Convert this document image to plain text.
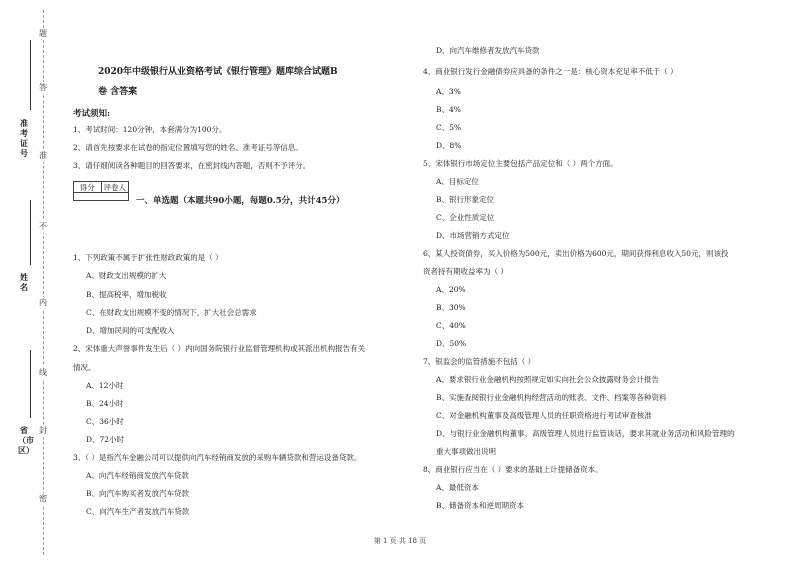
题
答
准
不
内
线
封
密
准考证号
姓名
省（市区）
2020年中级银行从业资格考试《银行管理》题库综合试题B
卷 含答案
考试须知:
1、考试时间：120分钟，本套满分为100分。
2、请首先按要求在试卷的指定位置填写您的姓名、准考证号等信息。
3、请仔细阅读各种题目的回答要求，在密封线内答题，否则不予评分。
得分	评卷人
一、单选题（本题共90小题，每题0.5分，共计45分）
1、下列政策不属于扩张性财政政策的是（ ）
A、财政支出规模的扩大
B、提高税率，增加税收
C、在财政支出规模不变的情况下，扩大社会总需求
D、增加民间的可支配收入
2、宋体重大声誉事件发生后（ ）内向国务院银行业监督管理机构或其派出机构报告有关
情况。
A、12小时
B、24小时
C、36小时
D、72小时
3、（ ）是指汽车金融公司可以提供向汽车经销商发放的采购车辆贷款和营运设备贷款。
A、向汽车经销商发放汽车贷款
B、向汽车购买者发放汽车贷款
C、向汽车生产者发放汽车贷款
D、向汽车维修者发放汽车贷款
4、商业银行发行金融债券应具备的条件之一是：核心资本充足率不低于（ ）
A、3%
B、4%
C、5%
D、8%
5、宋体银行市场定位主要包括产品定位和（ ）两个方面。
A、目标定位
B、银行形象定位
C、企业性质定位
D、市场营销方式定位
6、某人投资债券，买入价格为500元，卖出价格为600元，期间获得利息收入50元，则该投
资者持有期收益率为（ ）
A、20%
B、30%
C、40%
D、50%
7、银监会的监管措施不包括（ ）
A、要求银行业金融机构按照规定如实向社会公众披露财务会计报告
B、实施查阅银行业金融机构经营活动的账表、文件、档案等各种资料
C、对金融机构董事及高级管理人员的任职资格进行考试审查核准
D、与银行业金融机构董事、高级管理人员进行监管谈话，要求其就业务活动和风险管理的
重大事项做出说明
8、商业银行应当在（ ）要求的基础上计提储备资本。
A、最低资本
B、储备资本和逆周期资本
第 1 页 共 18 页
